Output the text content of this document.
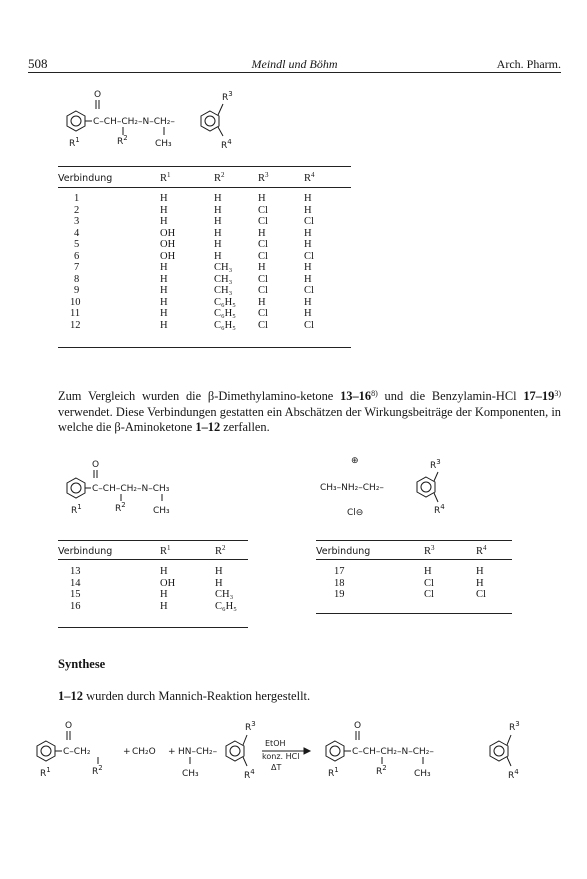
508	Meindl und Böhm	Arch. Pharm.
O
C–CH–CH₂–N–CH₂–
$R^1$	$R^2$
CH₃
$R^3$
$R^4$
Verbindung	$R^1$	$R^2$	$R^3$	$R^4$

1	H	H	H	H
2	H	H	Cl	H
3	H	H	Cl	Cl
4	OH	H	H	H
5	OH	H	Cl	H
6	OH	H	Cl	Cl
7	H	CH₃	H	H
8	H	CH₃	Cl	H
9	H	CH₃	Cl	Cl
10	H	C₆H₅	H	H
11	H	C₆H₅	Cl	H
12	H	C₆H₅	Cl	Cl
Zum Vergleich wurden die β-Dimethylamino-ketone 13–16$^{8)}$ und die Benzylamin-HCl 17–19$^{3)}$ verwendet. Diese Verbindungen gestatten ein Abschätzen der Wirkungsbeiträge der Komponenten, in welche die β-Aminoketone 1–12 zerfallen.
O
C–CH–CH₂–N–CH₃
$R^1$	$R^2$
CH₃
⊕
CH₃–NH₂–CH₂–
$R^3$
$R^4$
Cl⊖
Verbindung	$R^1$	$R^2$

13	H	H
14	OH	H
15	H	CH₃
16	H	C₆H₅
Verbindung	$R^3$	$R^4$

17	H	H
18	Cl	H
19	Cl	Cl
Synthese
1–12 wurden durch Mannich-Reaktion hergestellt.
O
C–CH₂
$R^1$	$R^2$
+ CH₂O + HN–CH₂–
CH₃
$R^3$
$R^4$
EtOH
konz. HCl
ΔT
O
C–CH–CH₂–N–CH₂–
$R^1$	$R^2$
CH₃
$R^3$
$R^4$
